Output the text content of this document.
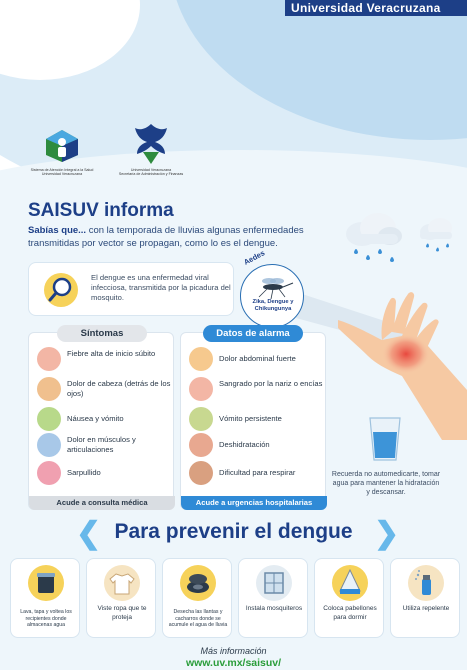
Universidad Veracruzana
Sistema de Atención Integral a la Salud
Universidad Veracruzana
Universidad Veracruzana
Secretaría de Administración y Finanzas
SAISUV informa
Sabías que... con la temporada de lluvias algunas enfermedades transmitidas por vector se propagan, como lo es el dengue.
El dengue es una enfermedad viral infecciosa, transmitida por la picadura del mosquito.
Aedes
Zika, Dengue y Chikungunya
Síntomas
Fiebre alta de inicio súbito
Dolor de cabeza (detrás de los ojos)
Náusea y vómito
Dolor en músculos y articulaciones
Sarpullido
Acude a consulta médica
Datos de alarma
Dolor abdominal fuerte
Sangrado por la nariz o encías
Vómito persistente
Deshidratación
Dificultad para respirar
Acude a urgencias hospitalarias
Recuerda no automedicarte, tomar agua para mantener la hidratación y descansar.
❮ Para prevenir el dengue ❯
Lava, tapa y voltea los recipientes donde almacenas agua
Viste ropa que te proteja
Desecha las llantas y cacharros donde se acumule el agua de lluvia
Instala mosquiteros	Coloca pabellones para dormir
Utiliza repelente
Más información
www.uv.mx/saisuv/
